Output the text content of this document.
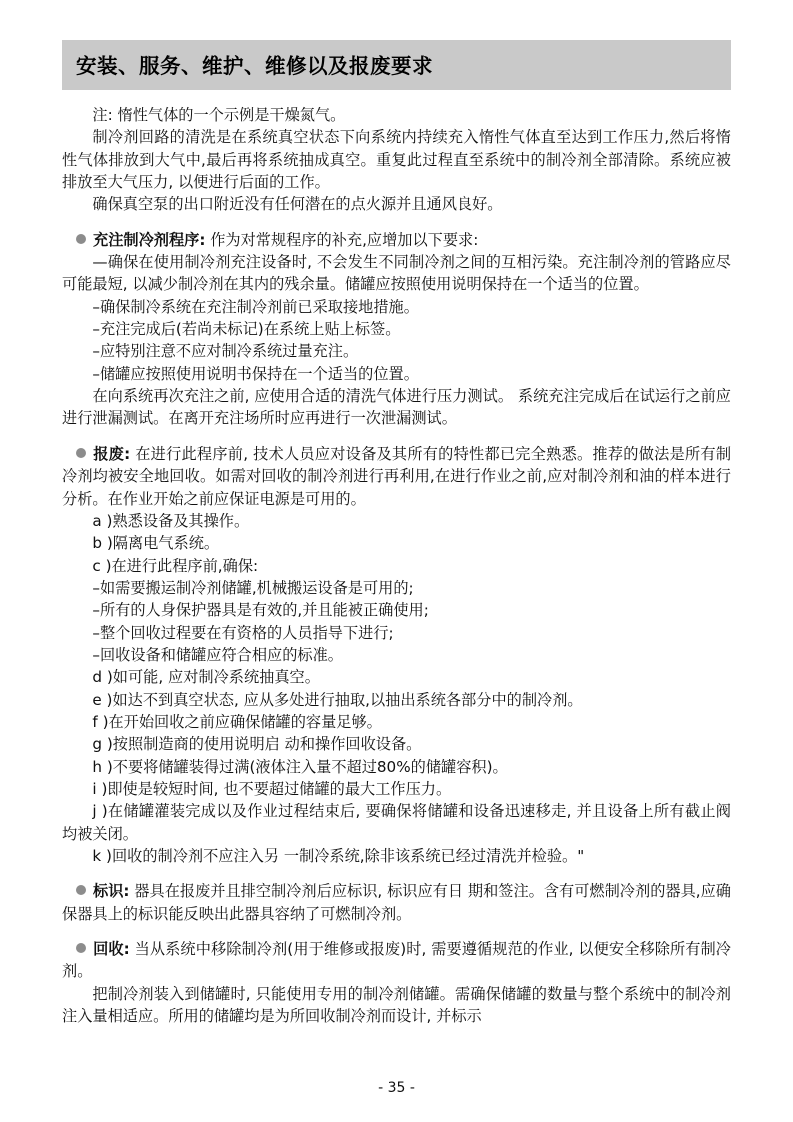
安装、服务、维护、维修以及报废要求

注: 惰性气体的一个示例是干燥氮气。

制冷剂回路的清洗是在系统真空状态下向系统内持续充入惰性气体直至达到工作压力,然后将惰性气体排放到大气中,最后再将系统抽成真空。重复此过程直至系统中的制冷剂全部清除。系统应被排放至大气压力, 以便进行后面的工作。

确保真空泵的出口附近没有任何潜在的点火源并且通风良好。

充注制冷剂程序: 作为对常规程序的补充,应增加以下要求:

—确保在使用制冷剂充注设备时, 不会发生不同制冷剂之间的互相污染。充注制冷剂的管路应尽可能最短, 以减少制冷剂在其内的残余量。储罐应按照使用说明保持在一个适当的位置。

–确保制冷系统在充注制冷剂前已采取接地措施。

–充注完成后(若尚未标记)在系统上贴上标签。

–应特别注意不应对制冷系统过量充注。

–储罐应按照使用说明书保持在一个适当的位置。

在向系统再次充注之前, 应使用合适的清洗气体进行压力测试。 系统充注完成后在试运行之前应进行泄漏测试。在离开充注场所时应再进行一次泄漏测试。

报废: 在进行此程序前, 技术人员应对设备及其所有的特性都已完全熟悉。推荐的做法是所有制冷剂均被安全地回收。如需对回收的制冷剂进行再利用,在进行作业之前,应对制冷剂和油的样本进行分析。在作业开始之前应保证电源是可用的。

a )熟悉设备及其操作。

b )隔离电气系统。

c )在进行此程序前,确保:

–如需要搬运制冷剂储罐,机械搬运设备是可用的;

–所有的人身保护器具是有效的,并且能被正确使用;

–整个回收过程要在有资格的人员指导下进行;

–回收设备和储罐应符合相应的标准。

d )如可能, 应对制冷系统抽真空。

e )如达不到真空状态, 应从多处进行抽取,以抽出系统各部分中的制冷剂。

f )在开始回收之前应确保储罐的容量足够。

g )按照制造商的使用说明启 动和操作回收设备。

h )不要将储罐装得过满(液体注入量不超过80%的储罐容积)。

i )即使是较短时间, 也不要超过储罐的最大工作压力。

j )在储罐灌装完成以及作业过程结束后, 要确保将储罐和设备迅速移走, 并且设备上所有截止阀均被关闭。

k )回收的制冷剂不应注入另 一制冷系统,除非该系统已经过清洗并检验。"

标识: 器具在报废并且排空制冷剂后应标识, 标识应有日 期和签注。含有可燃制冷剂的器具,应确保器具上的标识能反映出此器具容纳了可燃制冷剂。

回收: 当从系统中移除制冷剂(用于维修或报废)时, 需要遵循规范的作业, 以便安全移除所有制冷剂。

把制冷剂装入到储罐时, 只能使用专用的制冷剂储罐。需确保储罐的数量与整个系统中的制冷剂注入量相适应。所用的储罐均是为所回收制冷剂而设计, 并标示

- 35 -
